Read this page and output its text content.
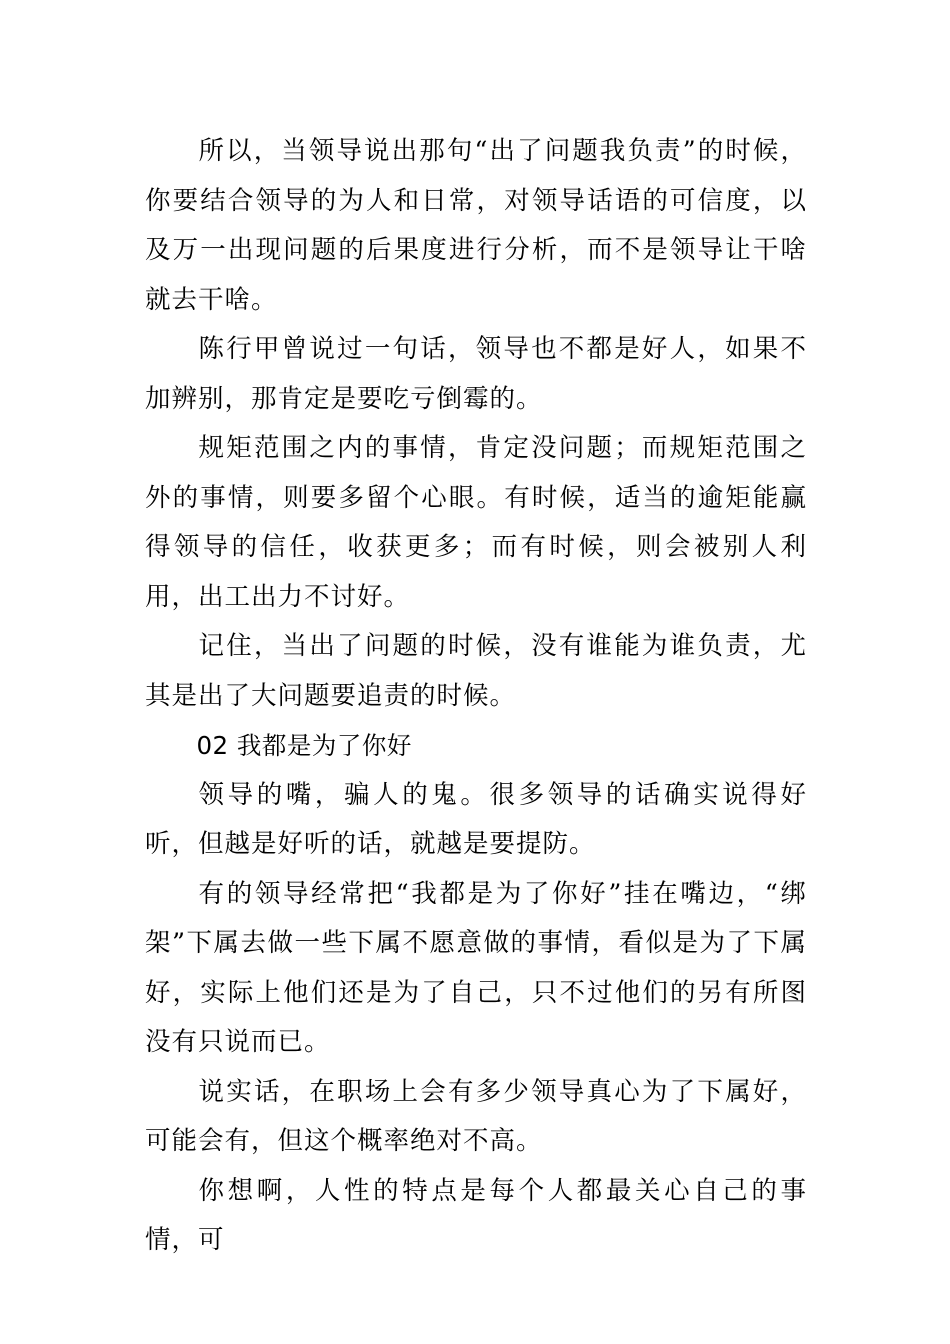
所以，当领导说出那句“出了问题我负责”的时候，你要结合领导的为人和日常，对领导话语的可信度，以及万一出现问题的后果度进行分析，而不是领导让干啥就去干啥。

陈行甲曾说过一句话，领导也不都是好人，如果不加辨别，那肯定是要吃亏倒霉的。

规矩范围之内的事情，肯定没问题；而规矩范围之外的事情，则要多留个心眼。有时候，适当的逾矩能赢得领导的信任，收获更多；而有时候，则会被别人利用，出工出力不讨好。

记住，当出了问题的时候，没有谁能为谁负责，尤其是出了大问题要追责的时候。

02 我都是为了你好

领导的嘴，骗人的鬼。很多领导的话确实说得好听，但越是好听的话，就越是要提防。

有的领导经常把“我都是为了你好”挂在嘴边，“绑架”下属去做一些下属不愿意做的事情，看似是为了下属好，实际上他们还是为了自己，只不过他们的另有所图没有只说而已。

说实话，在职场上会有多少领导真心为了下属好，可能会有，但这个概率绝对不高。

你想啊，人性的特点是每个人都最关心自己的事情，可
